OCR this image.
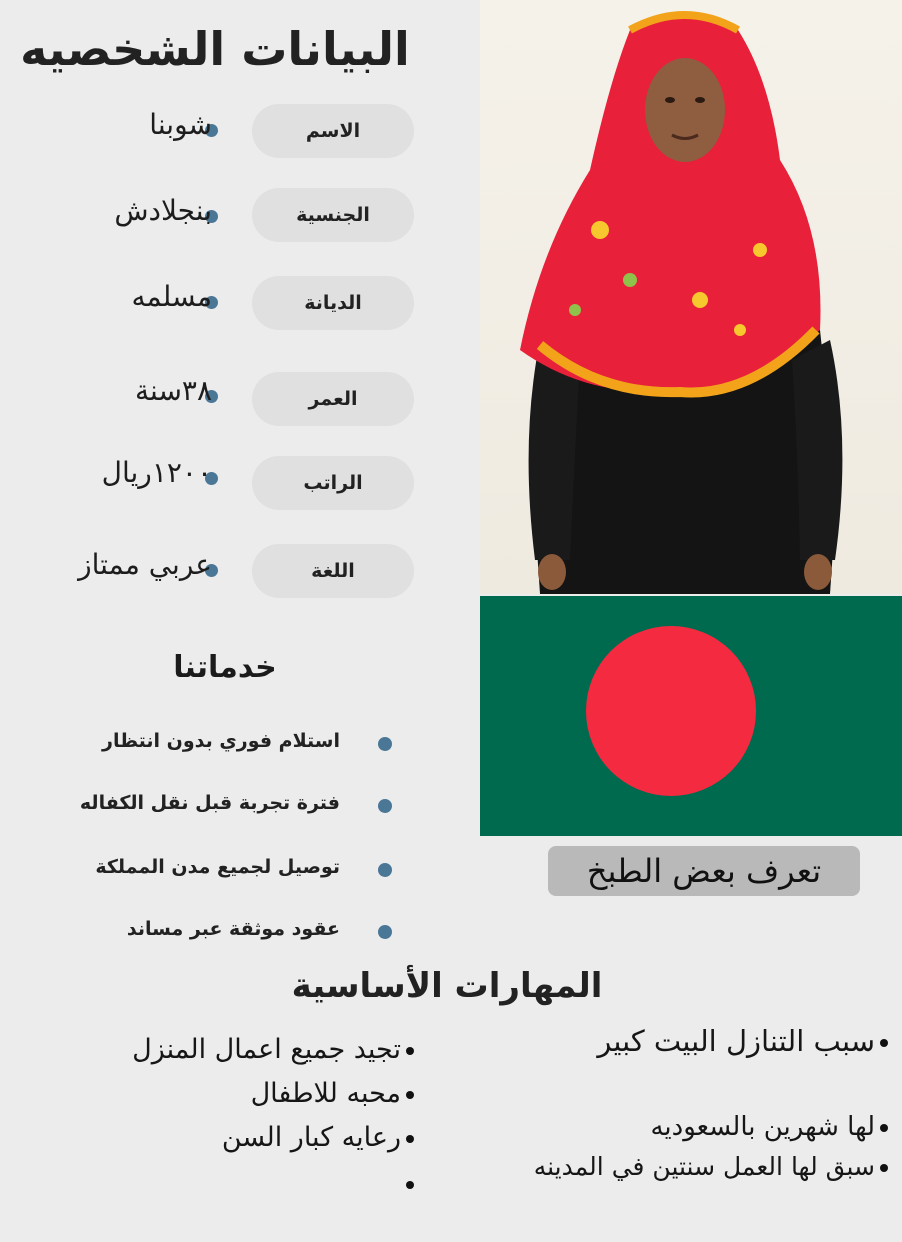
البيانات الشخصيه
الاسم
شوبنا
الجنسية
بنجلادش
الديانة
مسلمه
العمر
٣٨سنة
الراتب
١٢٠٠ريال
اللغة
عربي ممتاز
خدماتنا
استلام فوري بدون انتظار
فترة تجربة قبل نقل الكفاله
توصيل لجميع مدن المملكة
عقود موثقة عبر مساند
تعرف بعض الطبخ
المهارات الأساسية
تجيد جميع اعمال المنزل
محبه للاطفال
رعايه كبار السن
سبب التنازل البيت كبير
لها شهرين بالسعوديه
سبق لها العمل سنتين في المدينه
